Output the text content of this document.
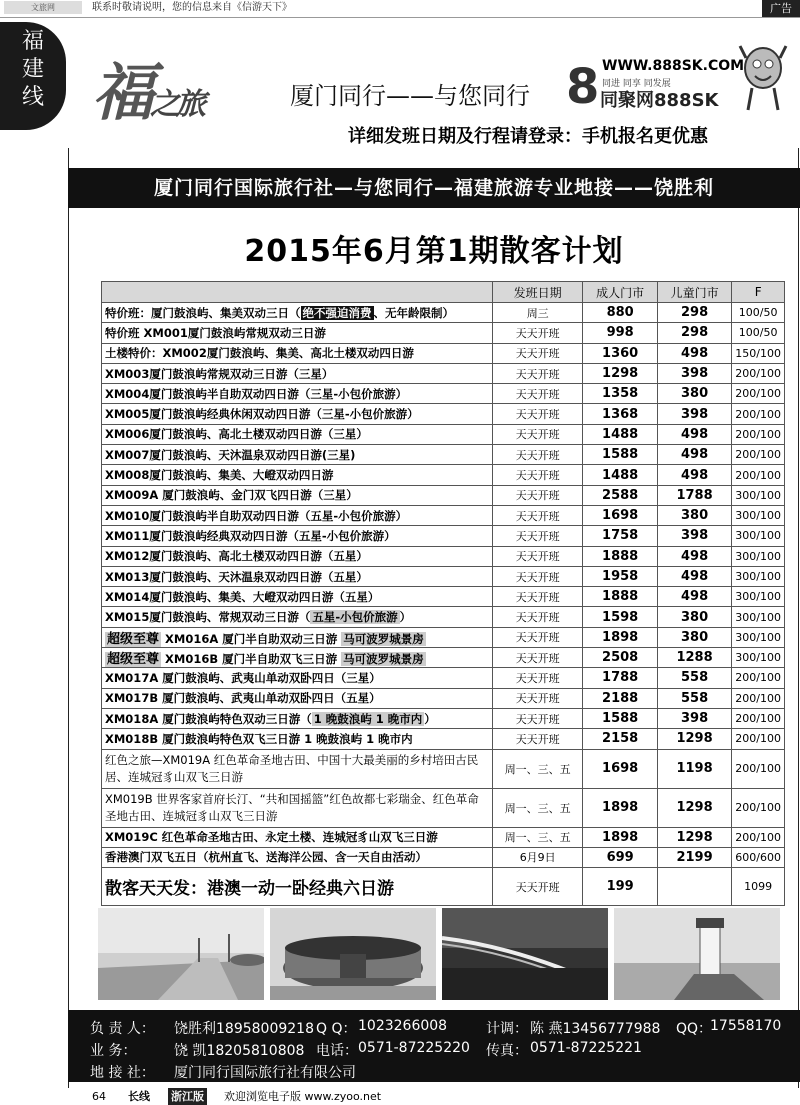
文旅网	联系时敬请说明，您的信息来自《信游天下》	广告
福
建
线 福之旅	厦门同行——与您同行
详细发班日期及行程请登录：手机报名更优惠
8 WWW.888SK.COM
同进 同享 同发展
同聚网888SK
厦门同行国际旅行社—与您同行—福建旅游专业地接——饶胜利
2015年6月第1期散客计划
	发班日期	成人门市	儿童门市	F
特价班：厦门鼓浪屿、集美双动三日（ 绝不强迫消费 、无年龄限制）	周三	880	298	100/50
特价班 XM001厦门鼓浪屿常规双动三日游	天天开班	998	298	100/50
土楼特价：XM002厦门鼓浪屿、集美、高北土楼双动四日游	天天开班	1360	498	150/100
XM003厦门鼓浪屿常规双动三日游（三星）	天天开班	1298	398	200/100
XM004厦门鼓浪屿半自助双动四日游（三星-小包价旅游）	天天开班	1358	380	200/100
XM005厦门鼓浪屿经典休闲双动四日游（三星-小包价旅游）	天天开班	1368	398	200/100
XM006厦门鼓浪屿、高北土楼双动四日游（三星）	天天开班	1488	498	200/100
XM007厦门鼓浪屿、天沐温泉双动四日游(三星)	天天开班	1588	498	200/100
XM008厦门鼓浪屿、集美、大嶝双动四日游	天天开班	1488	498	200/100
XM009A 厦门鼓浪屿、金门双飞四日游（三星）	天天开班	2588	1788	300/100
XM010厦门鼓浪屿半自助双动四日游（五星-小包价旅游）	天天开班	1698	380	300/100
XM011厦门鼓浪屿经典双动四日游（五星-小包价旅游）	天天开班	1758	398	300/100
XM012厦门鼓浪屿、高北土楼双动四日游（五星）	天天开班	1888	498	300/100
XM013厦门鼓浪屿、天沐温泉双动四日游（五星）	天天开班	1958	498	300/100
XM014厦门鼓浪屿、集美、大嶝双动四日游（五星）	天天开班	1888	498	300/100
XM015厦门鼓浪屿、常规双动三日游（ 五星-小包价旅游 ）	天天开班	1598	380	300/100
超级至尊 XM016A 厦门半自助双动三日游 马可波罗城景房	天天开班	1898	380	300/100
超级至尊 XM016B 厦门半自助双飞三日游 马可波罗城景房	天天开班	2508	1288	300/100
XM017A 厦门鼓浪屿、武夷山单动双卧四日（三星）	天天开班	1788	558	200/100
XM017B 厦门鼓浪屿、武夷山单动双卧四日（五星）	天天开班	2188	558	200/100
XM018A 厦门鼓浪屿特色双动三日游（ 1 晚鼓浪屿 1 晚市内 ）	天天开班	1588	398	200/100
XM018B 厦门鼓浪屿特色双飞三日游 1 晚鼓浪屿 1 晚市内	天天开班	2158	1298	200/100
红色之旅—XM019A 红色革命圣地古田、中国十大最美丽的乡村培田古民居、连城冠豸山双飞三日游	周一、三、五	1698	1198	200/100
XM019B 世界客家首府长汀、“共和国摇篮”红色故都七彩瑞金、红色革命圣地古田、连城冠豸山双飞三日游	周一、三、五	1898	1298	200/100
XM019C 红色革命圣地古田、永定土楼、连城冠豸山双飞三日游	周一、三、五	1898	1298	200/100
香港澳门双飞五日（杭州直飞、送海洋公园、含一天自由活动）	6月9日	699	2199	600/600
散客天天发：港澳一动一卧经典六日游	天天开班	199		1099
负 责 人： 饶胜利18958009218 Q Q： 1023266008	计调： 陈 燕13456777988 QQ：
17558170
业 务：	饶 凯18205810808 电话： 0571-87225220 传真： 0571-87225221
地 接 社： 厦门同行国际旅行社有限公司
64 长线 浙江版 欢迎浏览电子版 www.zyoo.net
